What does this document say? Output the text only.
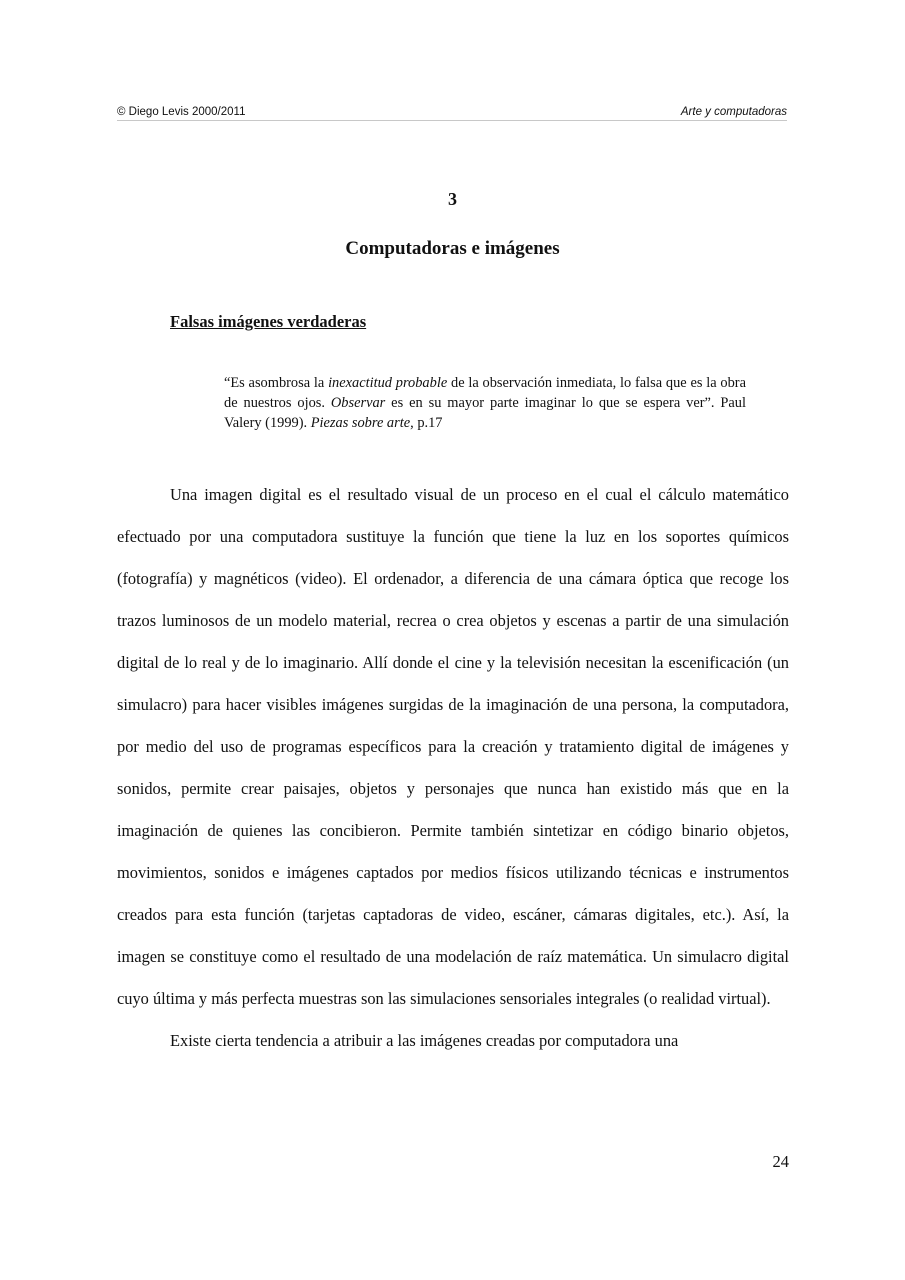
© Diego Levis 2000/2011	Arte y computadoras
3
Computadoras e imágenes
Falsas imágenes verdaderas
“Es asombrosa la inexactitud probable de la observación inmediata, lo falsa que es la obra de nuestros ojos. Observar es en su mayor parte imaginar lo que se espera ver”. Paul Valery (1999). Piezas sobre arte, p.17

Una imagen digital es el resultado visual de un proceso en el cual el cálculo matemático efectuado por una computadora sustituye la función que tiene la luz en los soportes químicos (fotografía) y magnéticos (video). El ordenador, a diferencia de una cámara óptica que recoge los trazos luminosos de un modelo material, recrea o crea objetos y escenas a partir de una simulación digital de lo real y de lo imaginario. Allí donde el cine y la televisión necesitan la escenificación (un simulacro) para hacer visibles imágenes surgidas de la imaginación de una persona, la computadora, por medio del uso de programas específicos para la creación y tratamiento digital de imágenes y sonidos, permite crear paisajes, objetos y personajes que nunca han existido más que en la imaginación de quienes las concibieron. Permite también sintetizar en código binario objetos, movimientos, sonidos e imágenes captados por medios físicos utilizando técnicas e instrumentos creados para esta función (tarjetas captadoras de video, escáner, cámaras digitales, etc.). Así, la imagen se constituye como el resultado de una modelación de raíz matemática. Un simulacro digital cuyo última y más perfecta muestras son las simulaciones sensoriales integrales (o realidad virtual).

Existe cierta tendencia a atribuir a las imágenes creadas por computadora una

24
